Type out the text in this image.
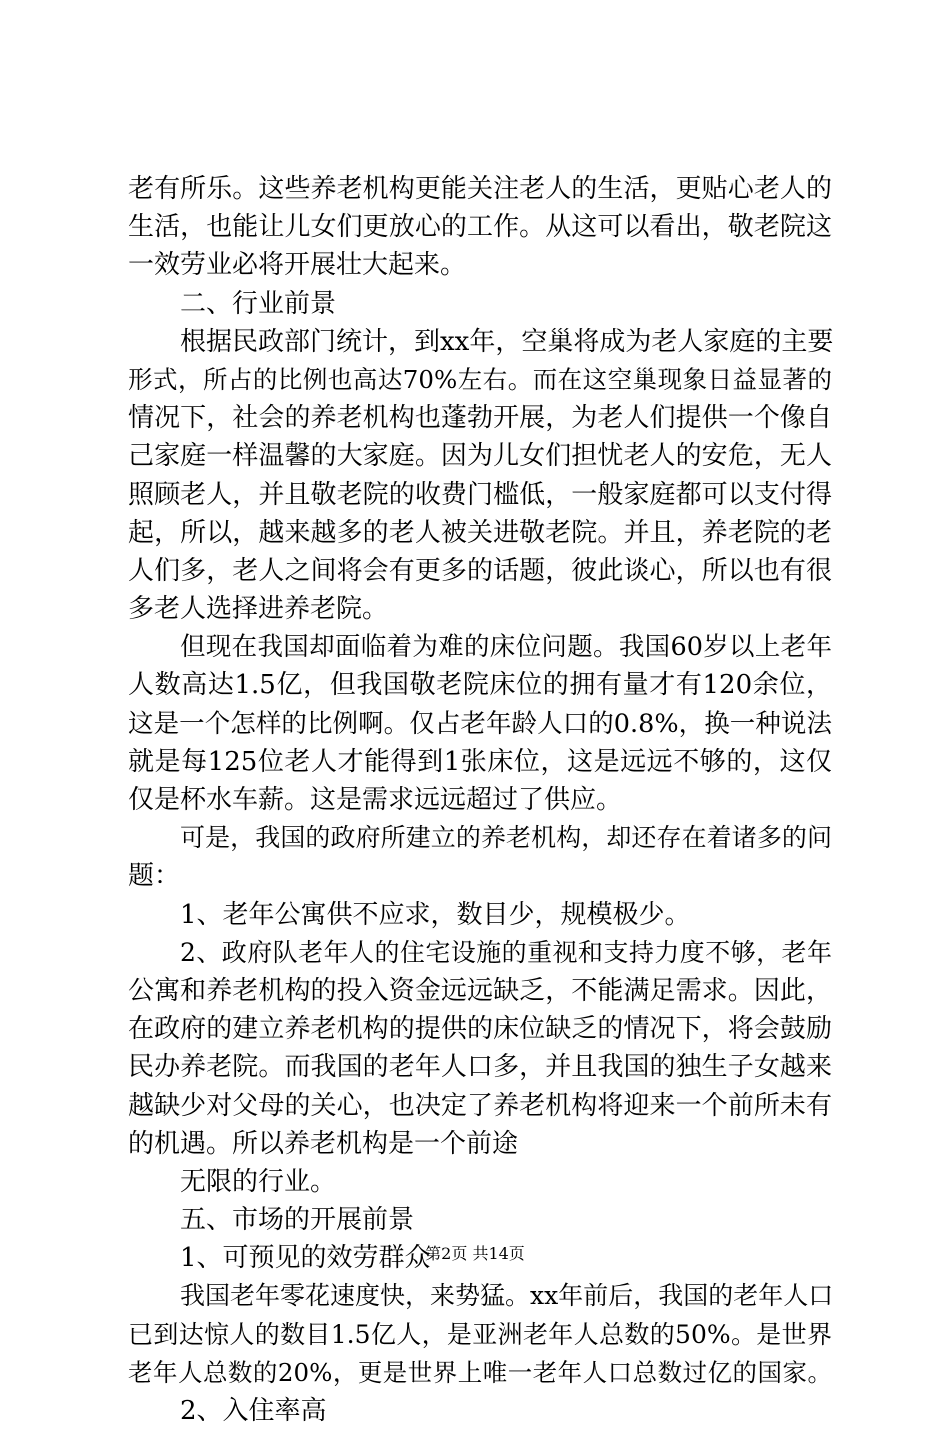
老有所乐。这些养老机构更能关注老人的生活，更贴心老人的
生活，也能让儿女们更放心的工作。从这可以看出，敬老院这
一效劳业必将开展壮大起来。
二、行业前景
根据民政部门统计，到xx年，空巢将成为老人家庭的主要
形式，所占的比例也高达70%左右。而在这空巢现象日益显著的
情况下，社会的养老机构也蓬勃开展，为老人们提供一个像自
己家庭一样温馨的大家庭。因为儿女们担忧老人的安危，无人
照顾老人，并且敬老院的收费门槛低，一般家庭都可以支付得
起，所以，越来越多的老人被关进敬老院。并且，养老院的老
人们多，老人之间将会有更多的话题，彼此谈心，所以也有很
多老人选择进养老院。
但现在我国却面临着为难的床位问题。我国60岁以上老年
人数高达1.5亿，但我国敬老院床位的拥有量才有120余位，
这是一个怎样的比例啊。仅占老年龄人口的0.8%，换一种说法
就是每125位老人才能得到1张床位，这是远远不够的，这仅
仅是杯水车薪。这是需求远远超过了供应。
可是，我国的政府所建立的养老机构，却还存在着诸多的问
题：
1、老年公寓供不应求，数目少，规模极少。
2、政府队老年人的住宅设施的重视和支持力度不够，老年
公寓和养老机构的投入资金远远缺乏，不能满足需求。因此，
在政府的建立养老机构的提供的床位缺乏的情况下，将会鼓励
民办养老院。而我国的老年人口多，并且我国的独生子女越来
越缺少对父母的关心，也决定了养老机构将迎来一个前所未有
的机遇。所以养老机构是一个前途
无限的行业。
五、市场的开展前景
1、可预见的效劳群众
我国老年零花速度快，来势猛。xx年前后，我国的老年人口
已到达惊人的数目1.5亿人，是亚洲老年人总数的50%。是世界
老年人总数的20%，更是世界上唯一老年人口总数过亿的国家。
2、入住率高
第2页 共14页
